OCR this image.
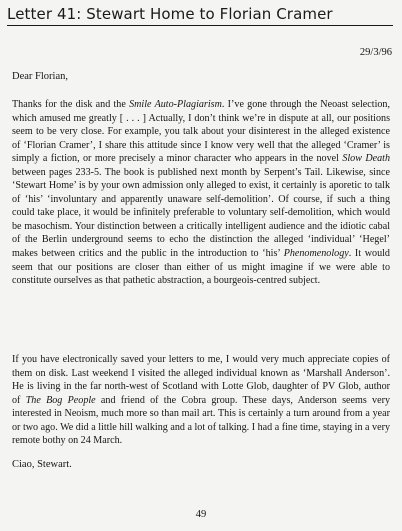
Letter 41: Stewart Home to Florian Cramer
29/3/96
Dear Florian,

Thanks for the disk and the Smile Auto-Plagiarism. I’ve gone through the Neoast selection, which amused me greatly [ . . . ] Actually, I don’t think we’re in dispute at all, our positions seem to be very close. For example, you talk about your disinterest in the alleged existence of ‘Florian Cramer’, I share this attitude since I know very well that the alleged ‘Cramer’ is simply a fiction, or more precisely a minor character who appears in the novel Slow Death between pages 233-5. The book is published next month by Serpent’s Tail. Likewise, since ‘Stewart Home’ is by your own admission only alleged to exist, it certainly is aporetic to talk of ‘his’ ‘involuntary and apparently unaware self-demolition’. Of course, if such a thing could take place, it would be infinitely preferable to voluntary self-demolition, which would be masochism. Your distinction between a critically intelligent audience and the idiotic cabal of the Berlin underground seems to echo the distinction the alleged ‘individual’ ‘Hegel’ makes between critics and the public in the introduction to ‘his’ Phenomenology. It would seem that our positions are closer than either of us might imagine if we were able to constitute ourselves as that pathetic abstraction, a bourgeois-centred subject.

If you have electronically saved your letters to me, I would very much appreciate copies of them on disk. Last weekend I visited the alleged individual known as ‘Marshall Anderson’. He is living in the far north-west of Scotland with Lotte Glob, daughter of PV Glob, author of The Bog People and friend of the Cobra group. These days, Anderson seems very interested in Neoism, much more so than mail art. This is certainly a turn around from a year or two ago. We did a little hill walking and a lot of talking. I had a fine time, staying in a very remote bothy on 24 March.

Ciao, Stewart.
49
